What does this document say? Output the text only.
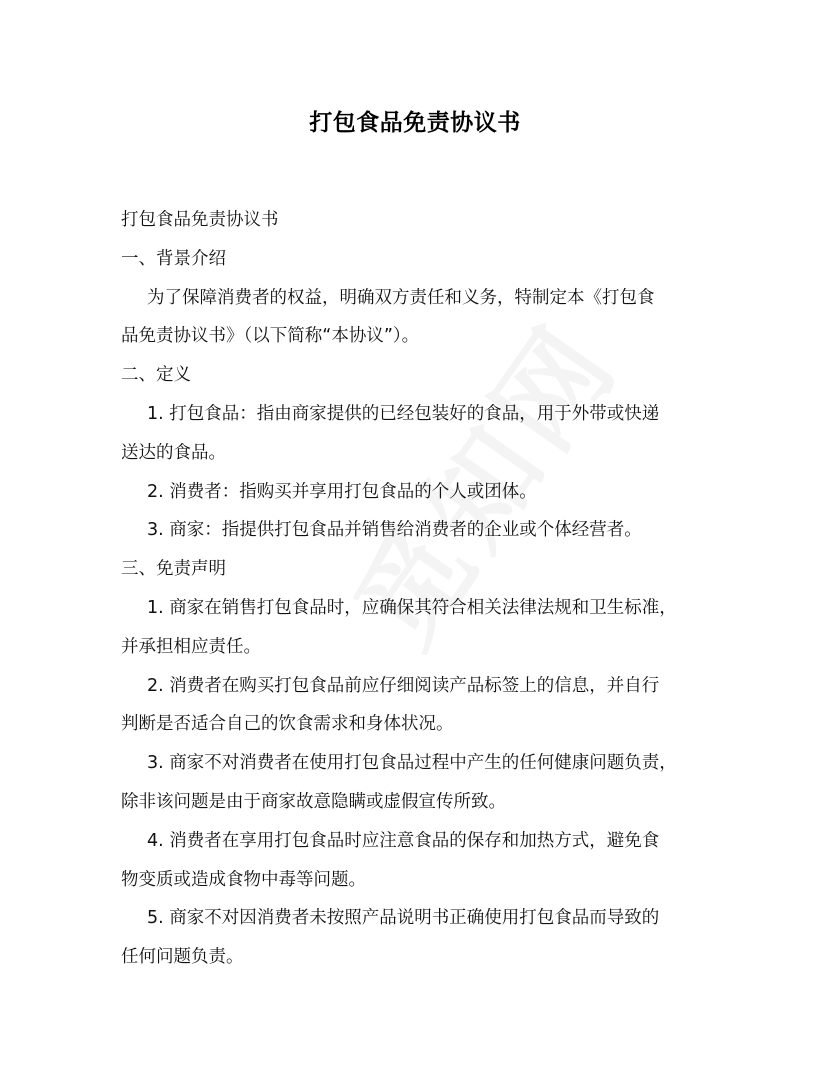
打包食品免责协议书

打包食品免责协议书

一、背景介绍

为了保障消费者的权益，明确双方责任和义务，特制定本《打包食

品免责协议书》（以下简称“本协议”）。

二、定义

1. 打包食品：指由商家提供的已经包装好的食品，用于外带或快递

送达的食品。

2. 消费者：指购买并享用打包食品的个人或团体。

3. 商家：指提供打包食品并销售给消费者的企业或个体经营者。

三、免责声明

1. 商家在销售打包食品时，应确保其符合相关法律法规和卫生标准，

并承担相应责任。

2. 消费者在购买打包食品前应仔细阅读产品标签上的信息，并自行

判断是否适合自己的饮食需求和身体状况。

3. 商家不对消费者在使用打包食品过程中产生的任何健康问题负责，

除非该问题是由于商家故意隐瞒或虚假宣传所致。

4. 消费者在享用打包食品时应注意食品的保存和加热方式，避免食

物变质或造成食物中毒等问题。

5. 商家不对因消费者未按照产品说明书正确使用打包食品而导致的

任何问题负责。
